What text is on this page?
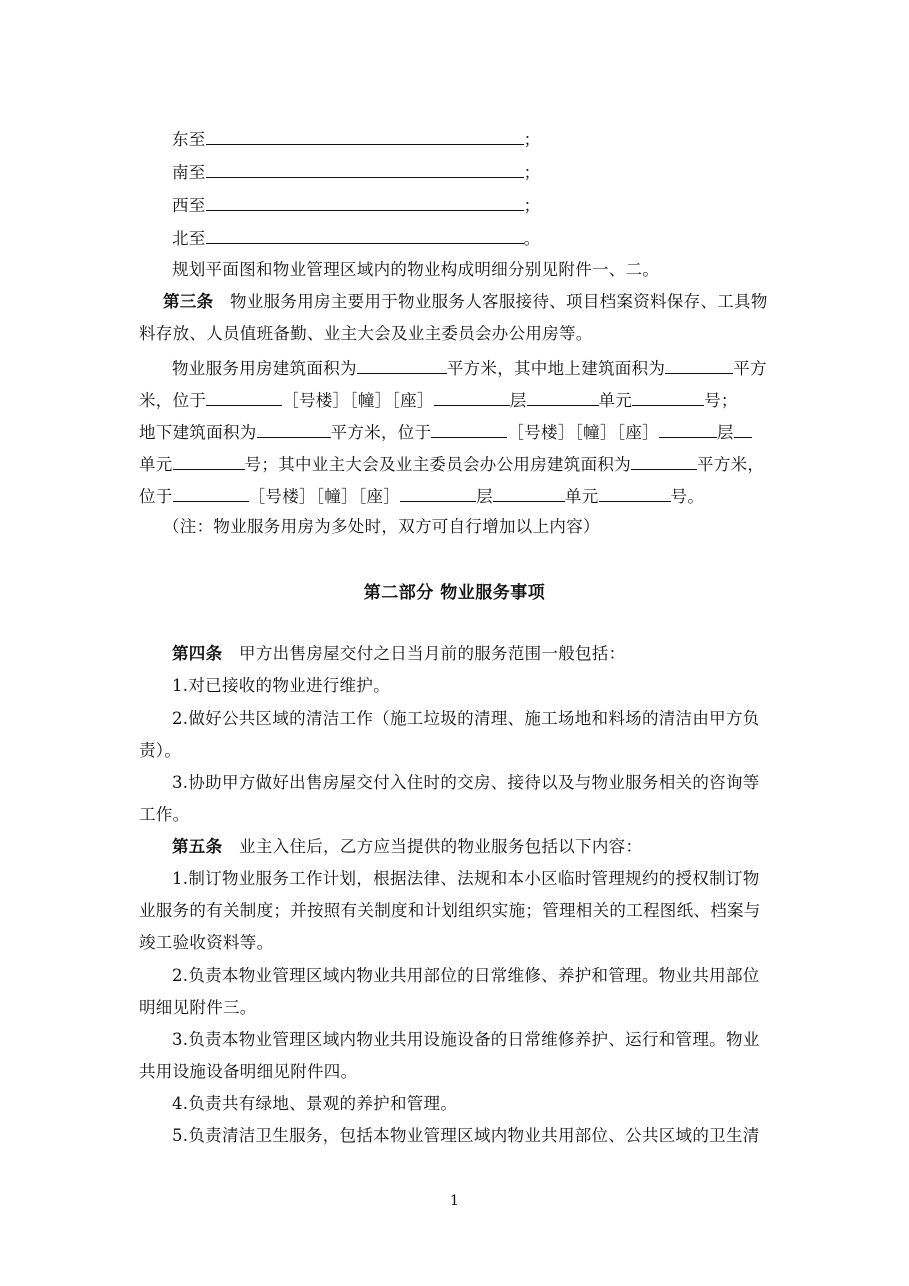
东至	；
南至	；
西至	；
北至	。
规划平面图和物业管理区域内的物业构成明细分别见附件一、二。
第三条 物业服务用房主要用于物业服务人客服接待、项目档案资料保存、工具物
料存放、人员值班备勤、业主大会及业主委员会办公用房等。
物业服务用房建筑面积为	平方米，其中地上建筑面积为	平方
米，位于	［号楼］［幢］［座］	层	单元	号；
地下建筑面积为	平方米，位于	［号楼］［幢］［座］	层
单元	号；其中业主大会及业主委员会办公用房建筑面积为	平方米，
位于	［号楼］［幢］［座］	层	单元	号。
（注：物业服务用房为多处时，双方可自行增加以上内容）
第二部分 物业服务事项
第四条 甲方出售房屋交付之日当月前的服务范围一般包括：
1.对已接收的物业进行维护。
2.做好公共区域的清洁工作（施工垃圾的清理、施工场地和料场的清洁由甲方负
责）。
3.协助甲方做好出售房屋交付入住时的交房、接待以及与物业服务相关的咨询等
工作。
第五条 业主入住后，乙方应当提供的物业服务包括以下内容：
1.制订物业服务工作计划，根据法律、法规和本小区临时管理规约的授权制订物
业服务的有关制度；并按照有关制度和计划组织实施；管理相关的工程图纸、档案与
竣工验收资料等。
2.负责本物业管理区域内物业共用部位的日常维修、养护和管理。物业共用部位
明细见附件三。
3.负责本物业管理区域内物业共用设施设备的日常维修养护、运行和管理。物业
共用设施设备明细见附件四。
4.负责共有绿地、景观的养护和管理。
5.负责清洁卫生服务，包括本物业管理区域内物业共用部位、公共区域的卫生清
1
